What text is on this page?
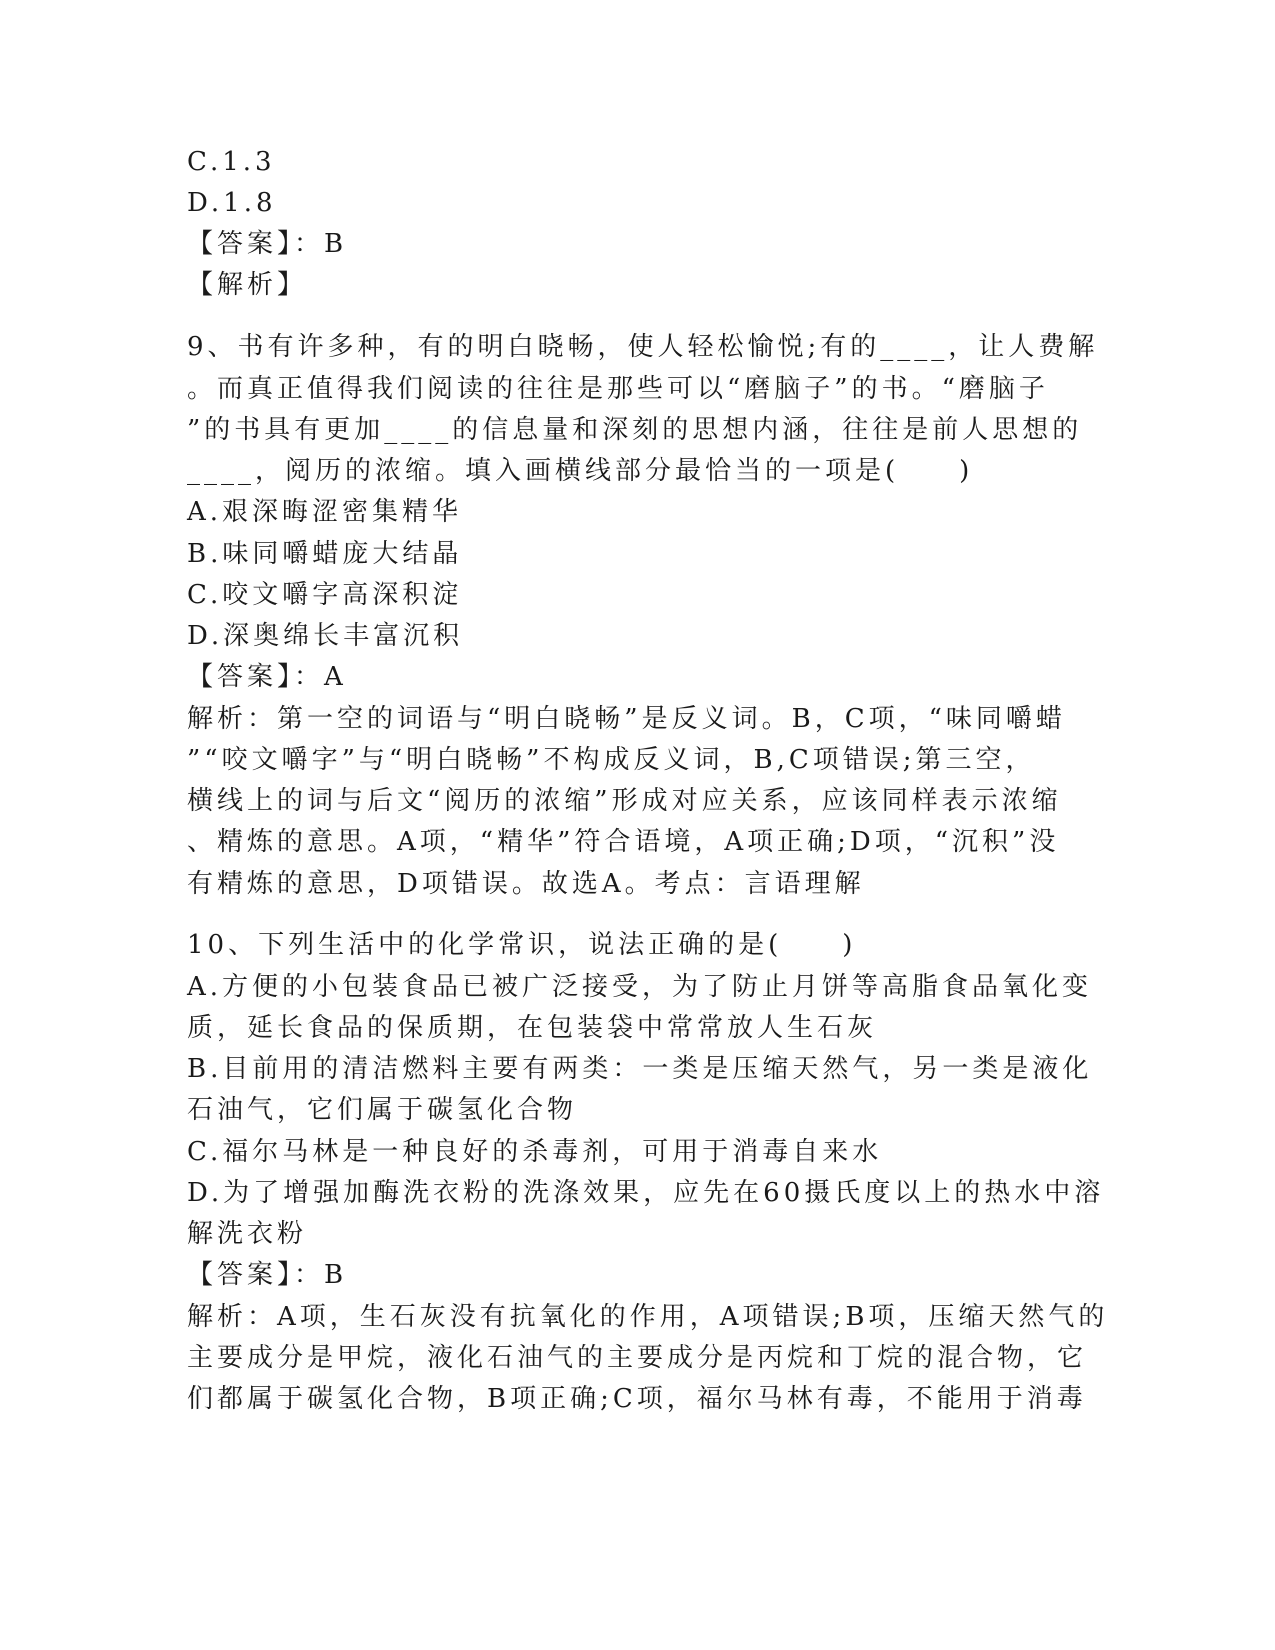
C.1.3
D.1.8
【答案】：B
【解析】
9、书有许多种，有的明白晓畅，使人轻松愉悦;有的____，让人费解
。而真正值得我们阅读的往往是那些可以“磨脑子”的书。“磨脑子
”的书具有更加____的信息量和深刻的思想内涵，往往是前人思想的
____，阅历的浓缩。填入画横线部分最恰当的一项是(　　)
A.艰深晦涩密集精华
B.味同嚼蜡庞大结晶
C.咬文嚼字高深积淀
D.深奥绵长丰富沉积
【答案】：A
解析：第一空的词语与“明白晓畅”是反义词。B，C项，“味同嚼蜡
”“咬文嚼字”与“明白晓畅”不构成反义词，B,C项错误;第三空，
横线上的词与后文“阅历的浓缩”形成对应关系，应该同样表示浓缩
、精炼的意思。A项，“精华”符合语境，A项正确;D项，“沉积”没
有精炼的意思，D项错误。故选A。考点：言语理解
10、下列生活中的化学常识，说法正确的是(　　)
A.方便的小包装食品已被广泛接受，为了防止月饼等高脂食品氧化变
质，延长食品的保质期，在包装袋中常常放人生石灰
B.目前用的清洁燃料主要有两类：一类是压缩天然气，另一类是液化
石油气，它们属于碳氢化合物
C.福尔马林是一种良好的杀毒剂，可用于消毒自来水
D.为了增强加酶洗衣粉的洗涤效果，应先在60摄氏度以上的热水中溶
解洗衣粉
【答案】：B
解析：A项，生石灰没有抗氧化的作用，A项错误;B项，压缩天然气的
主要成分是甲烷，液化石油气的主要成分是丙烷和丁烷的混合物，它
们都属于碳氢化合物，B项正确;C项，福尔马林有毒，不能用于消毒
